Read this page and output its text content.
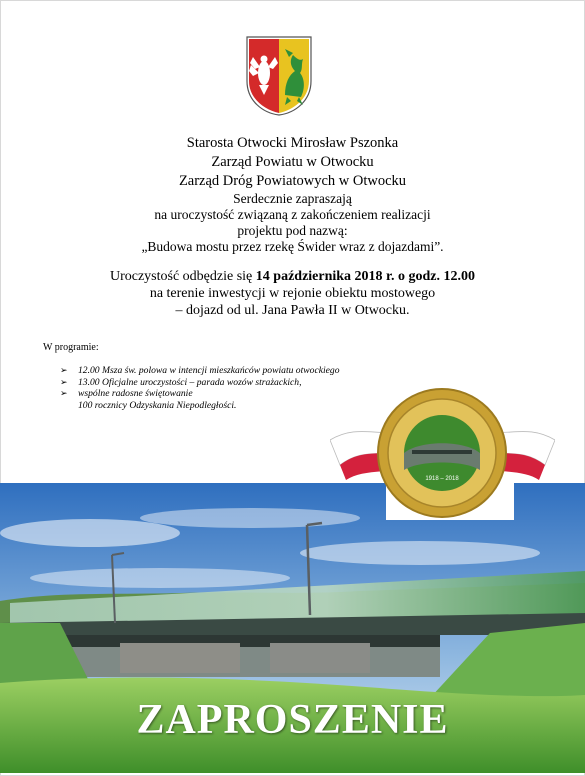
Starosta Otwocki Mirosław Pszonka
Zarząd Powiatu w Otwocku
Zarząd Dróg Powiatowych w Otwocku
Serdecznie zapraszają
na uroczystość związaną z zakończeniem realizacji
projektu pod nazwą:
„Budowa mostu przez rzekę Świder wraz z dojazdami”.
Uroczystość odbędzie się 14 października 2018 r. o godz. 12.00
na terenie inwestycji w rejonie obiektu mostowego
– dojazd od ul. Jana Pawła II w Otwocku.
W programie:
➢ 12.00 Msza św. polowa w intencji mieszkańców powiatu otwockiego
➢ 13.00 Oficjalne uroczystości – parada wozów strażackich,
➢ wspólne radosne świętowanie
100 rocznicy Odzyskania Niepodległości.
1918 – 2018
ZAPROSZENIE
